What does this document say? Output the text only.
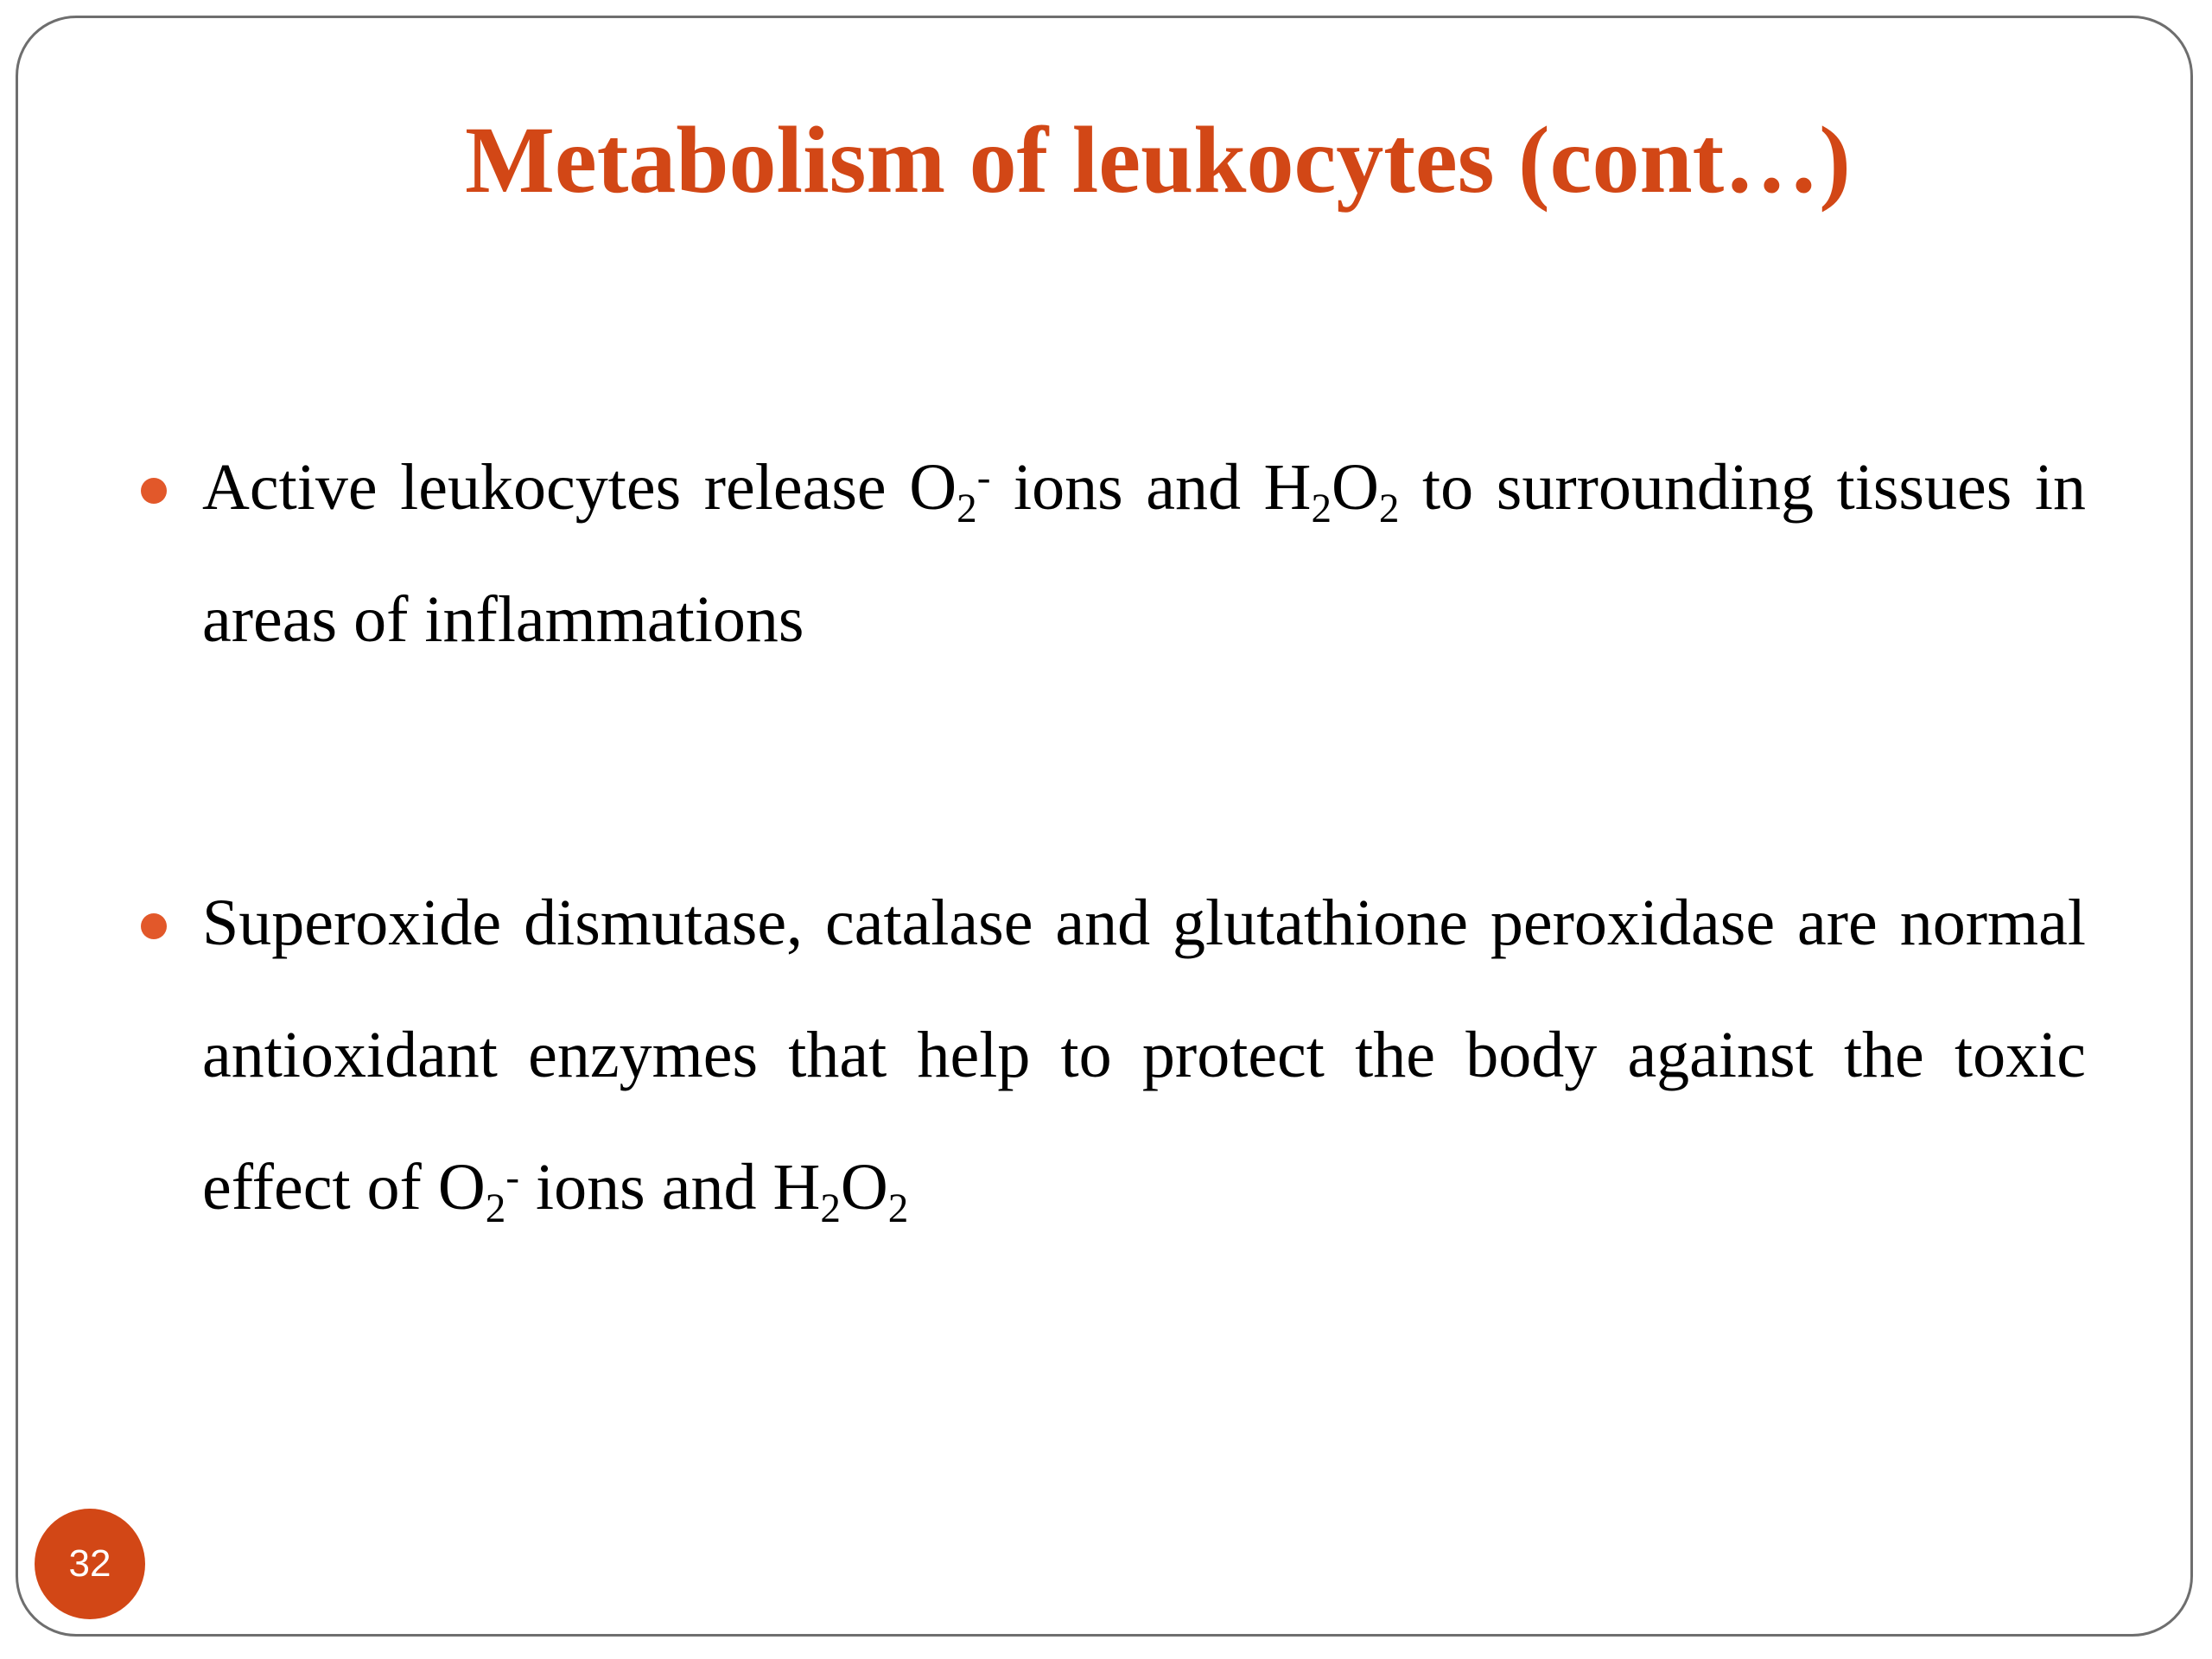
Metabolism of leukocytes (cont…)
Active leukocytes release $O_2^-$ ions and $H_2O_2$ to surrounding tissues in areas of inflammations
Superoxide dismutase, catalase and glutathione peroxidase are normal antioxidant enzymes that help to protect the body against the toxic effect of $O_2^-$ ions and $H_2O_2$
32
